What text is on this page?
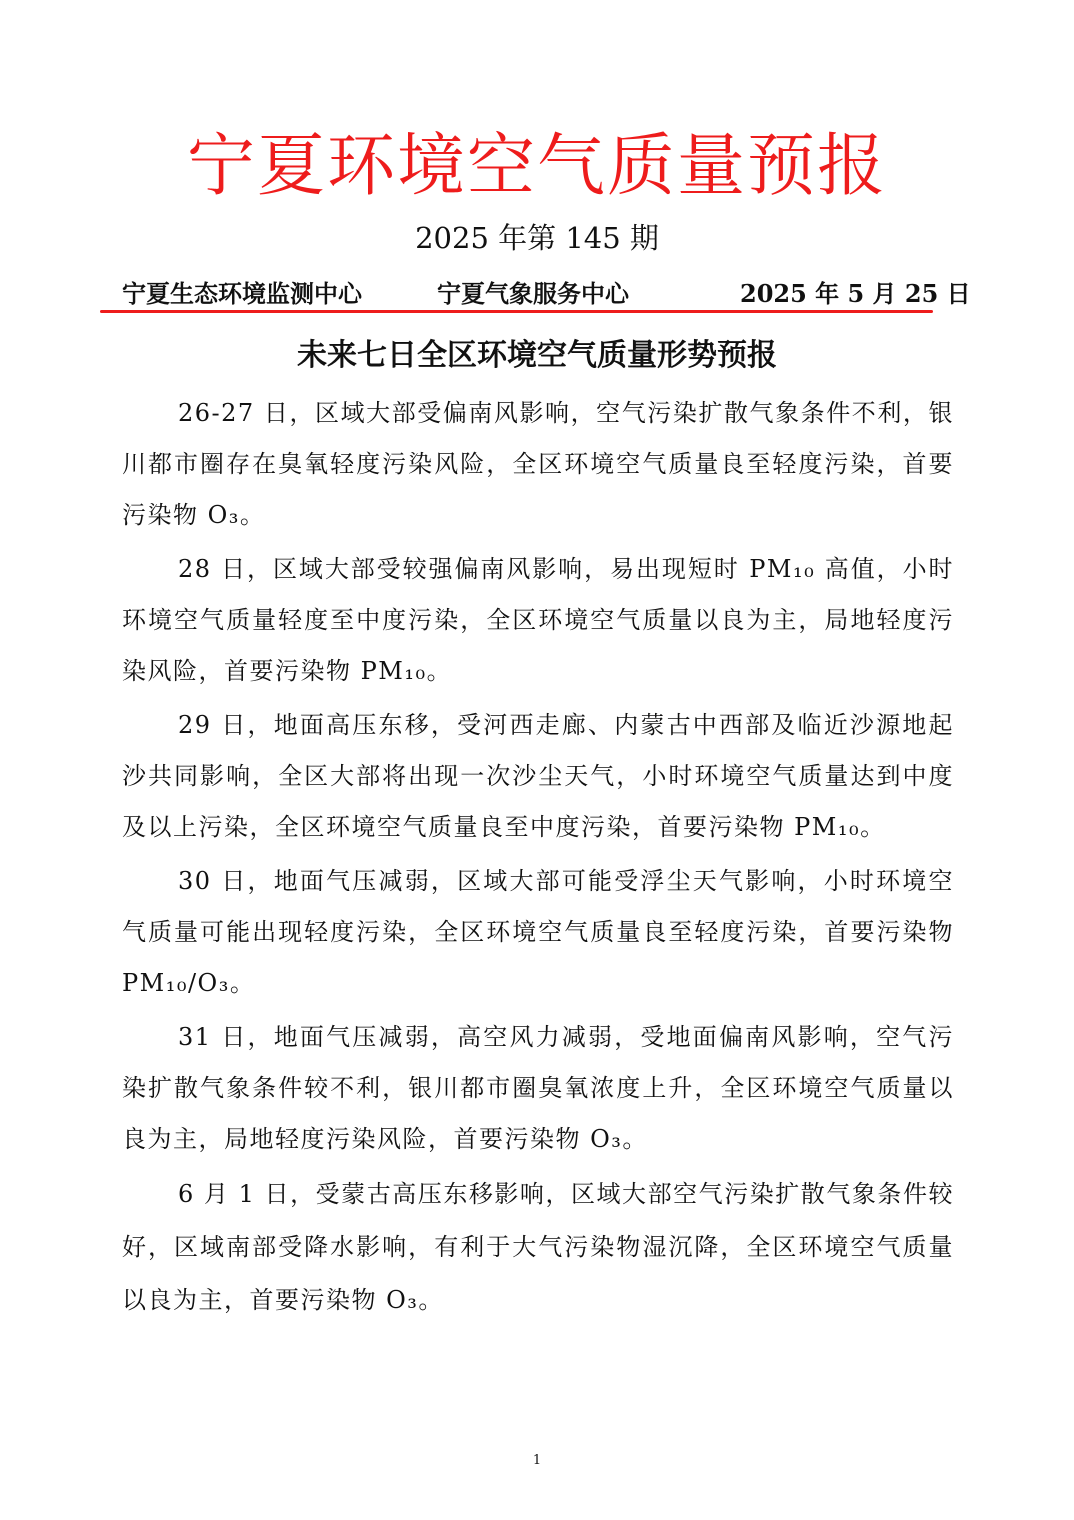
宁夏环境空气质量预报
2025 年第 145 期
宁夏生态环境监测中心	宁夏气象服务中心	2025 年 5 月 25 日
未来七日全区环境空气质量形势预报

26-27 日，区域大部受偏南风影响，空气污染扩散气象条件不利，银川都市圈存在臭氧轻度污染风险，全区环境空气质量良至轻度污染，首要污染物 O₃。

28 日，区域大部受较强偏南风影响，易出现短时 PM₁₀ 高值，小时环境空气质量轻度至中度污染，全区环境空气质量以良为主，局地轻度污染风险，首要污染物 PM₁₀。

29 日，地面高压东移，受河西走廊、内蒙古中西部及临近沙源地起沙共同影响，全区大部将出现一次沙尘天气，小时环境空气质量达到中度及以上污染，全区环境空气质量良至中度污染，首要污染物 PM₁₀。

30 日，地面气压减弱，区域大部可能受浮尘天气影响，小时环境空气质量可能出现轻度污染，全区环境空气质量良至轻度污染，首要污染物 PM₁₀/O₃。

31 日，地面气压减弱，高空风力减弱，受地面偏南风影响，空气污染扩散气象条件较不利，银川都市圈臭氧浓度上升，全区环境空气质量以良为主，局地轻度污染风险，首要污染物 O₃。

6 月 1 日，受蒙古高压东移影响，区域大部空气污染扩散气象条件较好，区域南部受降水影响，有利于大气污染物湿沉降，全区环境空气质量以良为主，首要污染物 O₃。

1
